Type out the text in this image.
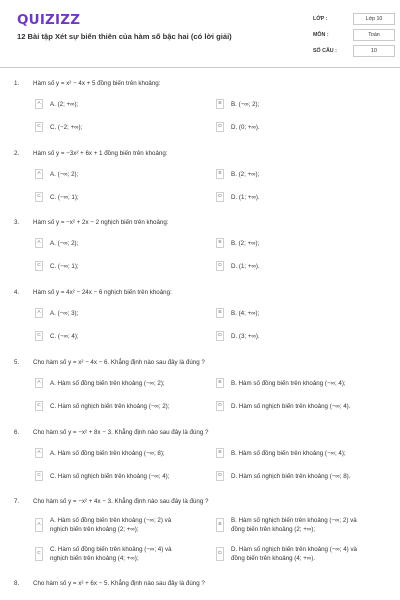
QUIZIZZ
12 Bài tập Xét sự biến thiên của hàm số bậc hai (có lời giải)
LỚP :	Lớp 10
MÔN :	Toán
SỐ CÂU :	10
1. Hàm số y = x² − 4x + 5 đồng biến trên khoảng:
A	A. (2; +∞);	B	B. (−∞; 2);
C	C. (−2; +∞);	D	D. (0; +∞).
2. Hàm số y = −3x² + 6x + 1 đồng biến trên khoảng:
A	A. (−∞; 2);	B	B. (2; +∞);
C	C. (−∞; 1);	D	D. (1; +∞).
3. Hàm số y = −x² + 2x − 2 nghịch biến trên khoảng:
A	A. (−∞; 2);	B	B. (2; +∞);
C	C. (−∞; 1);	D	D. (1; +∞).
4. Hàm số y = 4x² − 24x − 6 nghịch biến trên khoảng:
A	A. (−∞; 3);	B	B. (4; +∞);
C	C. (−∞; 4);	D	D. (3; +∞).
5. Cho hàm số y = x² − 4x − 6. Khẳng định nào sau đây là đúng ?
A	A. Hàm số đồng biến trên khoảng (−∞; 2);	B	B. Hàm số đồng biến trên khoảng (−∞; 4);
C	C. Hàm số nghịch biến trên khoảng (−∞; 2);	D	D. Hàm số nghịch biến trên khoảng (−∞; 4).
6. Cho hàm số y = −x² + 8x − 3. Khẳng định nào sau đây là đúng ?
A	A. Hàm số đồng biến trên khoảng (−∞; 8);	B	B. Hàm số đồng biến trên khoảng (−∞; 4);
C	C. Hàm số nghịch biến trên khoảng (−∞; 4);	D	D. Hàm số nghịch biến trên khoảng (−∞; 8).
7. Cho hàm số y = −x² + 4x − 3. Khẳng định nào sau đây là đúng ?
A
A. Hàm số đồng biến trên khoảng (−∞; 2) và nghịch biến trên khoảng (2; +∞);
B
B. Hàm số nghịch biến trên khoảng (−∞; 2) và đồng biến trên khoảng (2; +∞);
C
C. Hàm số đồng biến trên khoảng (−∞; 4) và nghịch biến trên khoảng (4; +∞);
D
D. Hàm số nghịch biến trên khoảng (−∞; 4) và đồng biến trên khoảng (4; +∞).
8. Cho hàm số y = x² + 6x − 5. Khẳng định nào sau đây là đúng ?
